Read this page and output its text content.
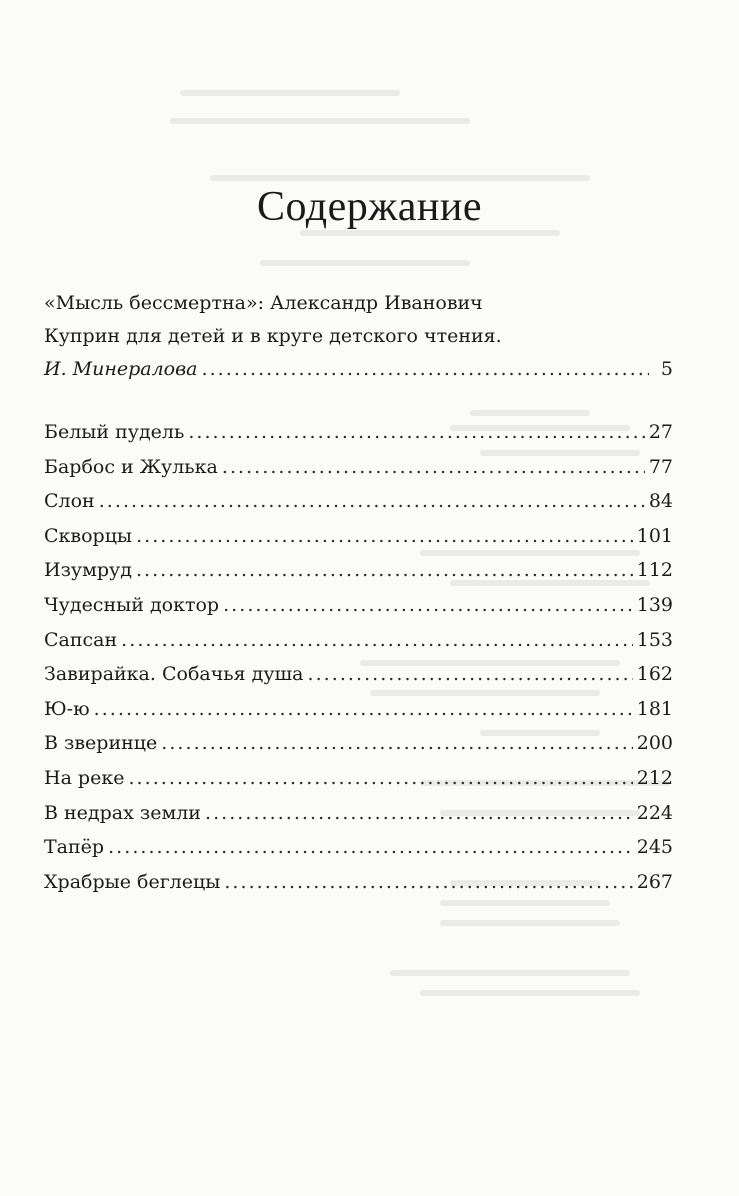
Содержание
«Мысль бессмертна»: Александр Иванович
Куприн для детей и в круге детского чтения.
И. Минералова . . .	5
Белый пудель . . .	27
Барбос и Жулька . . .	77
Слон . . .	84
Скворцы . . .	101
Изумруд . . .	112
Чудесный доктор . . .	139
Сапсан . . .	153
Завирайка. Собачья душа . . .	162
Ю-ю . . .	181
В зверинце . . .	200
На реке . . .	212
В недрах земли . . .	224
Тапёр . . .	245
Храбрые беглецы . . .	267
